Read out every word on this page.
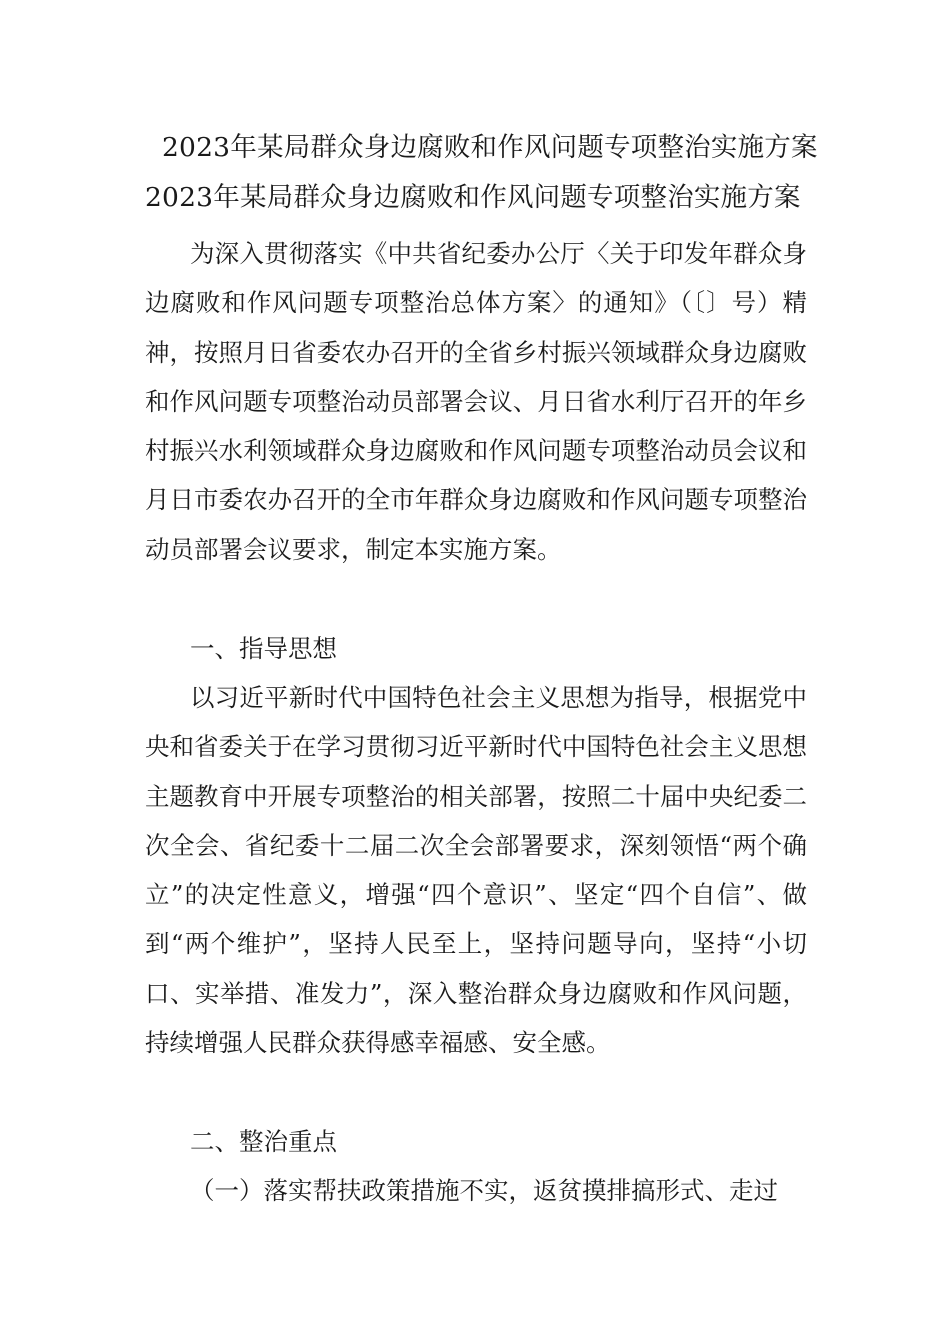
2023年某局群众身边腐败和作风问题专项整治实施方案
2023年某局群众身边腐败和作风问题专项整治实施方案

为深入贯彻落实《中共省纪委办公厅〈关于印发年群众身边腐败和作风问题专项整治总体方案〉的通知》（〔〕号）精神，按照月日省委农办召开的全省乡村振兴领域群众身边腐败和作风问题专项整治动员部署会议、月日省水利厅召开的年乡村振兴水利领域群众身边腐败和作风问题专项整治动员会议和月日市委农办召开的全市年群众身边腐败和作风问题专项整治动员部署会议要求，制定本实施方案。

一、指导思想

以习近平新时代中国特色社会主义思想为指导，根据党中央和省委关于在学习贯彻习近平新时代中国特色社会主义思想主题教育中开展专项整治的相关部署，按照二十届中央纪委二次全会、省纪委十二届二次全会部署要求，深刻领悟“两个确立”的决定性意义，增强“四个意识”、坚定“四个自信”、做到“两个维护”，坚持人民至上，坚持问题导向，坚持“小切口、实举措、准发力”，深入整治群众身边腐败和作风问题，持续增强人民群众获得感幸福感、安全感。

二、整治重点

（一）落实帮扶政策措施不实，返贫摸排搞形式、走过
